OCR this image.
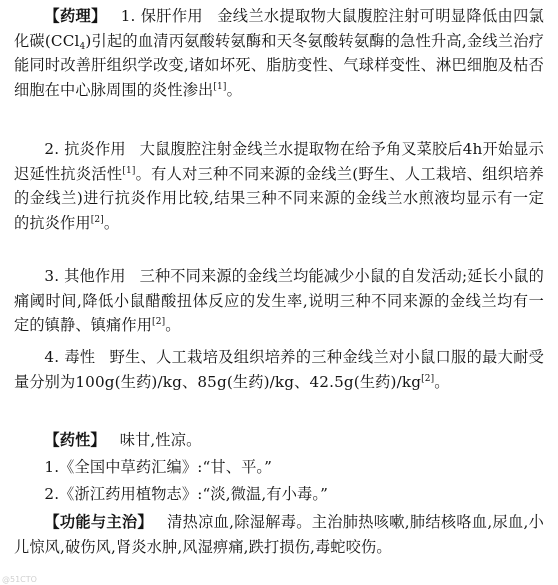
【药理】 1. 保肝作用 金线兰水提取物大鼠腹腔注射可明显降低由四氯化碳(CCl$_4$)引起的血清丙氨酸转氨酶和天冬氨酸转氨酶的急性升高,金线兰治疗能同时改善肝组织学改变,诸如坏死、脂肪变性、气球样变性、淋巴细胞及枯否细胞在中心脉周围的炎性渗出[1]。
2. 抗炎作用 大鼠腹腔注射金线兰水提取物在给予角叉菜胶后4h开始显示迟延性抗炎活性[1]。有人对三种不同来源的金线兰(野生、人工栽培、组织培养的金线兰)进行抗炎作用比较,结果三种不同来源的金线兰水煎液均显示有一定的抗炎作用[2]。
3. 其他作用 三种不同来源的金线兰均能减少小鼠的自发活动;延长小鼠的痛阈时间,降低小鼠醋酸扭体反应的发生率,说明三种不同来源的金线兰均有一定的镇静、镇痛作用[2]。
4. 毒性 野生、人工栽培及组织培养的三种金线兰对小鼠口服的最大耐受量分别为100g(生药)/kg、85g(生药)/kg、42.5g(生药)/kg[2]。
【药性】 味甘,性凉。
1.《全国中草药汇编》:“甘、平。”
2.《浙江药用植物志》:“淡,微温,有小毒。”
【功能与主治】 清热凉血,除湿解毒。主治肺热咳嗽,肺结核咯血,尿血,小儿惊风,破伤风,肾炎水肿,风湿痹痛,跌打损伤,毒蛇咬伤。
@51CTO
